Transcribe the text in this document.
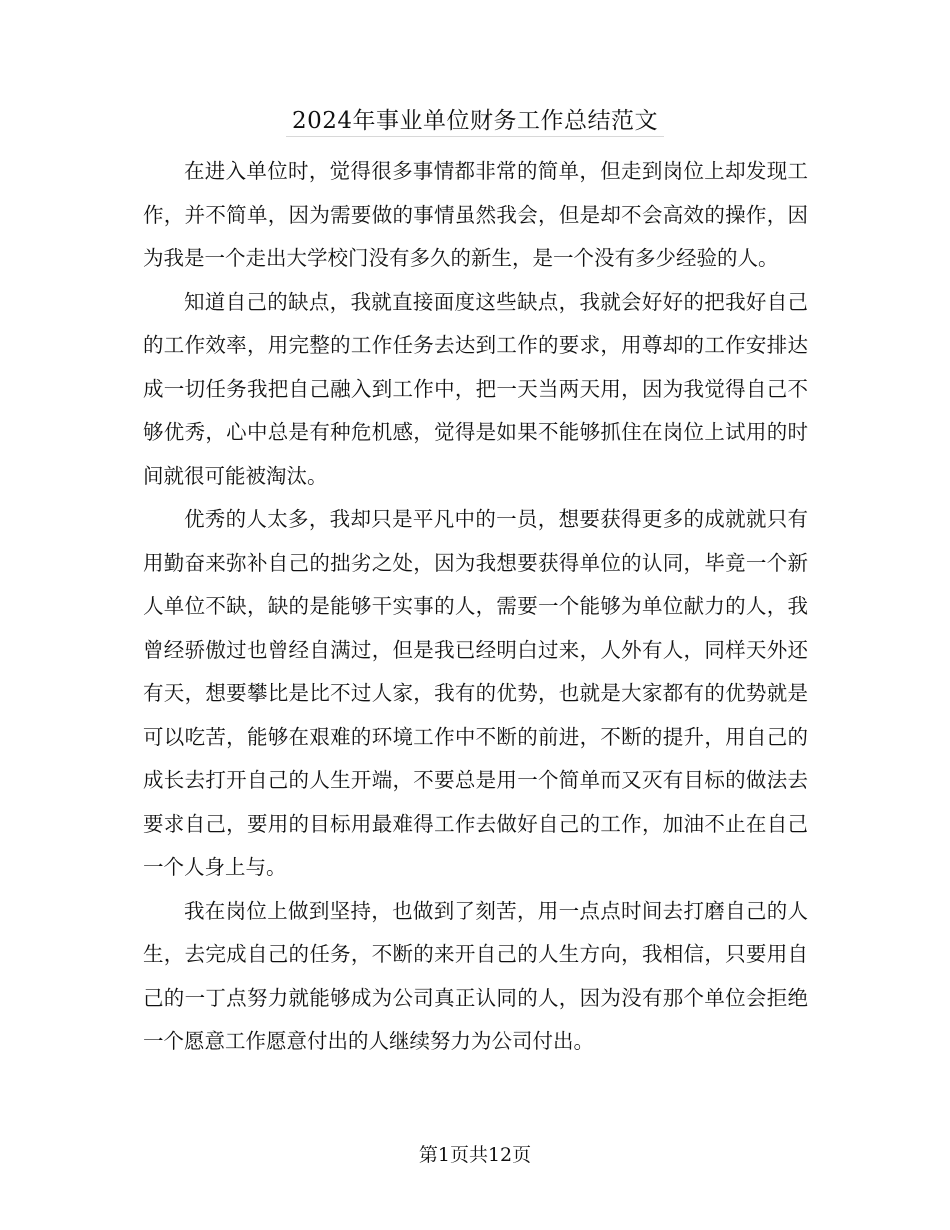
2024年事业单位财务工作总结范文

在进入单位时，觉得很多事情都非常的简单，但走到岗位上却发现工作，并不简单，因为需要做的事情虽然我会，但是却不会高效的操作，因为我是一个走出大学校门没有多久的新生，是一个没有多少经验的人。

知道自己的缺点，我就直接面度这些缺点，我就会好好的把我好自己的工作效率，用完整的工作任务去达到工作的要求，用尊却的工作安排达成一切任务我把自己融入到工作中，把一天当两天用，因为我觉得自己不够优秀，心中总是有种危机感，觉得是如果不能够抓住在岗位上试用的时间就很可能被淘汰。

优秀的人太多，我却只是平凡中的一员，想要获得更多的成就就只有用勤奋来弥补自己的拙劣之处，因为我想要获得单位的认同，毕竟一个新人单位不缺，缺的是能够干实事的人，需要一个能够为单位献力的人，我曾经骄傲过也曾经自满过，但是我已经明白过来，人外有人，同样天外还有天，想要攀比是比不过人家，我有的优势，也就是大家都有的优势就是可以吃苦，能够在艰难的环境工作中不断的前进，不断的提升，用自己的成长去打开自己的人生开端，不要总是用一个简单而又灭有目标的做法去要求自己，要用的目标用最难得工作去做好自己的工作，加油不止在自己一个人身上与。

我在岗位上做到坚持，也做到了刻苦，用一点点时间去打磨自己的人生，去完成自己的任务，不断的来开自己的人生方向，我相信，只要用自己的一丁点努力就能够成为公司真正认同的人，因为没有那个单位会拒绝一个愿意工作愿意付出的人继续努力为公司付出。

第1页共12页
